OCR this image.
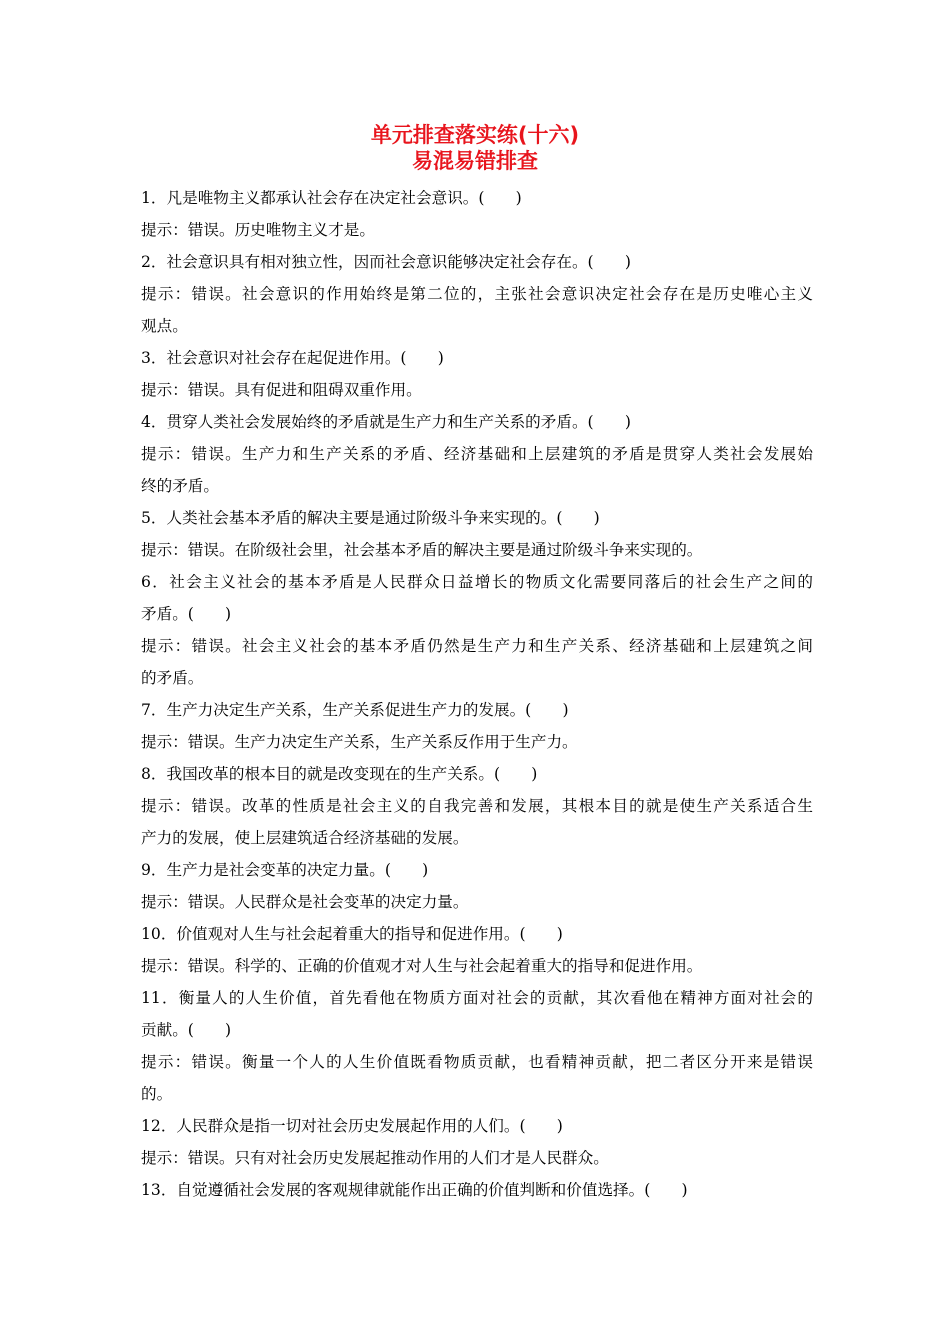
单元排查落实练(十六)
易混易错排查
1．凡是唯物主义都承认社会存在决定社会意识。(　　)
提示：错误。历史唯物主义才是。
2．社会意识具有相对独立性，因而社会意识能够决定社会存在。(　　)
提示：错误。社会意识的作用始终是第二位的，主张社会意识决定社会存在是历史唯心主义
观点。
3．社会意识对社会存在起促进作用。(　　)
提示：错误。具有促进和阻碍双重作用。
4．贯穿人类社会发展始终的矛盾就是生产力和生产关系的矛盾。(　　)
提示：错误。生产力和生产关系的矛盾、经济基础和上层建筑的矛盾是贯穿人类社会发展始
终的矛盾。
5．人类社会基本矛盾的解决主要是通过阶级斗争来实现的。(　　)
提示：错误。在阶级社会里，社会基本矛盾的解决主要是通过阶级斗争来实现的。
6．社会主义社会的基本矛盾是人民群众日益增长的物质文化需要同落后的社会生产之间的
矛盾。(　　)
提示：错误。社会主义社会的基本矛盾仍然是生产力和生产关系、经济基础和上层建筑之间
的矛盾。
7．生产力决定生产关系，生产关系促进生产力的发展。(　　)
提示：错误。生产力决定生产关系，生产关系反作用于生产力。
8．我国改革的根本目的就是改变现在的生产关系。(　　)
提示：错误。改革的性质是社会主义的自我完善和发展，其根本目的就是使生产关系适合生
产力的发展，使上层建筑适合经济基础的发展。
9．生产力是社会变革的决定力量。(　　)
提示：错误。人民群众是社会变革的决定力量。
10．价值观对人生与社会起着重大的指导和促进作用。(　　)
提示：错误。科学的、正确的价值观才对人生与社会起着重大的指导和促进作用。
11．衡量人的人生价值，首先看他在物质方面对社会的贡献，其次看他在精神方面对社会的
贡献。(　　)
提示：错误。衡量一个人的人生价值既看物质贡献，也看精神贡献，把二者区分开来是错误
的。
12．人民群众是指一切对社会历史发展起作用的人们。(　　)
提示：错误。只有对社会历史发展起推动作用的人们才是人民群众。
13．自觉遵循社会发展的客观规律就能作出正确的价值判断和价值选择。(　　)
